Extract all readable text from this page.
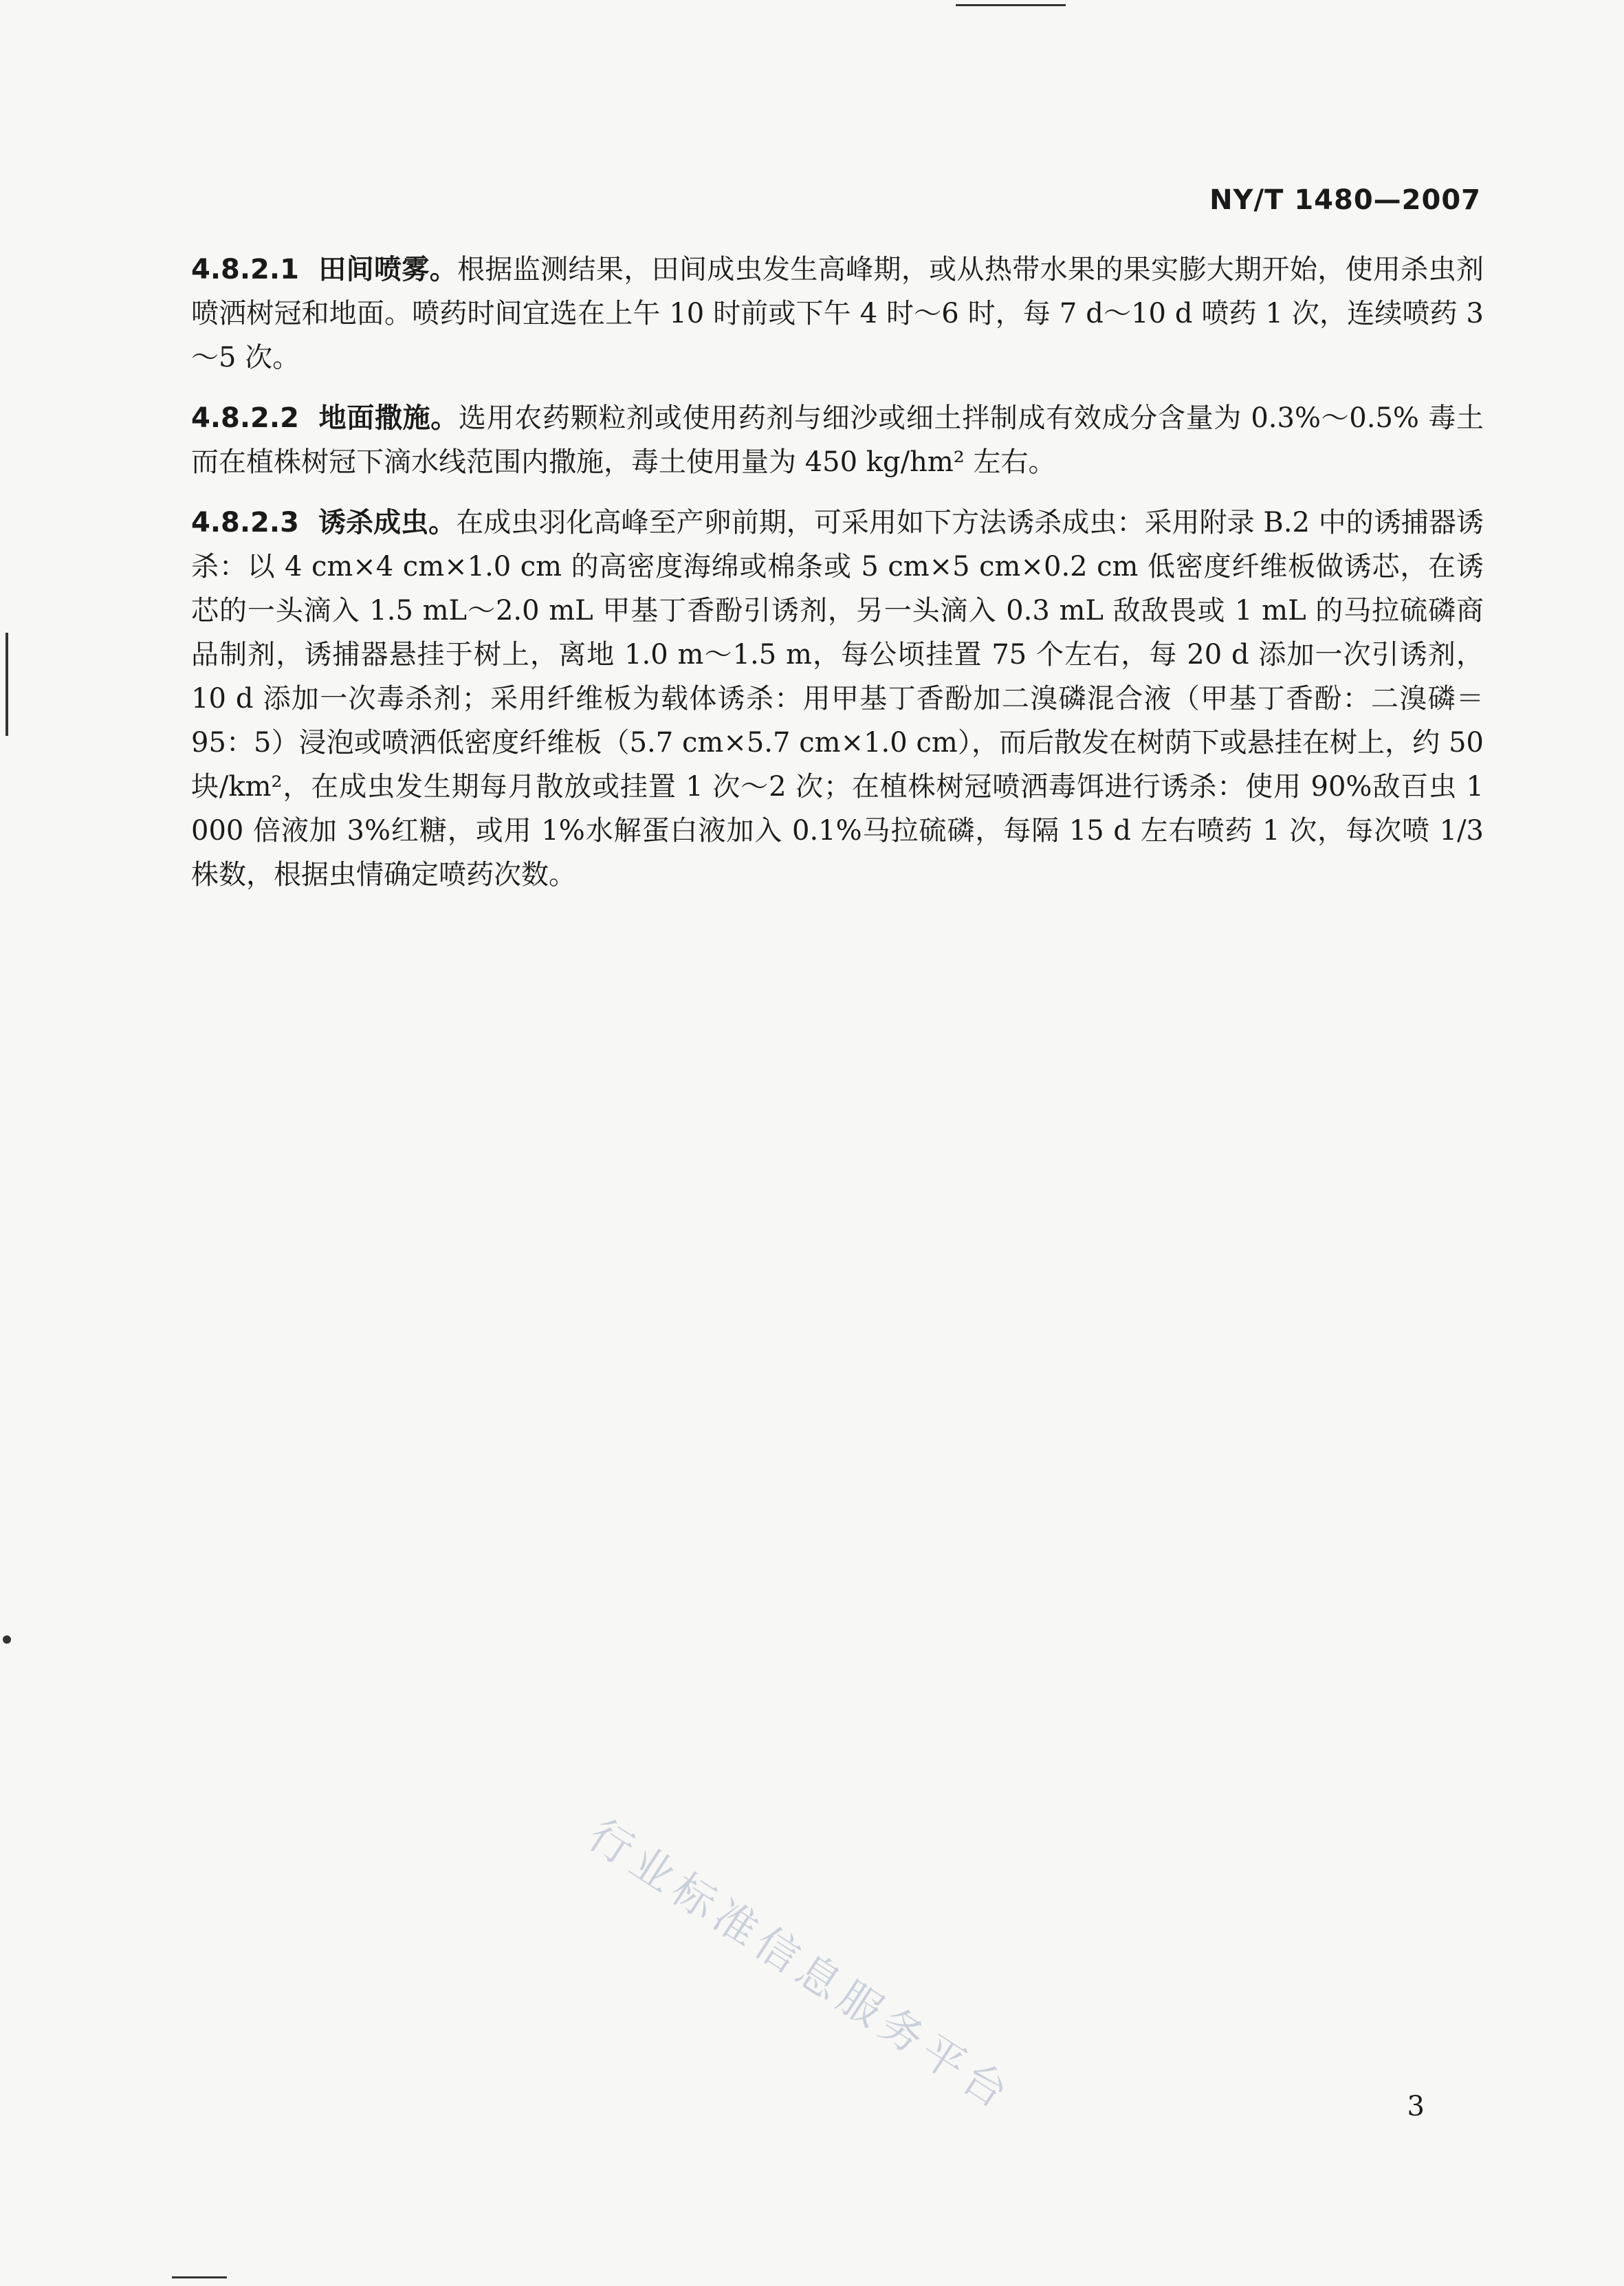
NY/T 1480—2007

4.8.2.1 田间喷雾。根据监测结果，田间成虫发生高峰期，或从热带水果的果实膨大期开始，使用杀虫剂喷洒树冠和地面。喷药时间宜选在上午 10 时前或下午 4 时～6 时，每 7 d～10 d 喷药 1 次，连续喷药 3～5 次。

4.8.2.2 地面撒施。选用农药颗粒剂或使用药剂与细沙或细土拌制成有效成分含量为 0.3%～0.5% 毒土而在植株树冠下滴水线范围内撒施，毒土使用量为 450 kg/hm² 左右。

4.8.2.3 诱杀成虫。在成虫羽化高峰至产卵前期，可采用如下方法诱杀成虫：采用附录 B.2 中的诱捕器诱杀：以 4 cm×4 cm×1.0 cm 的高密度海绵或棉条或 5 cm×5 cm×0.2 cm 低密度纤维板做诱芯，在诱芯的一头滴入 1.5 mL～2.0 mL 甲基丁香酚引诱剂，另一头滴入 0.3 mL 敌敌畏或 1 mL 的马拉硫磷商品制剂，诱捕器悬挂于树上，离地 1.0 m～1.5 m，每公顷挂置 75 个左右，每 20 d 添加一次引诱剂，10 d 添加一次毒杀剂；采用纤维板为载体诱杀：用甲基丁香酚加二溴磷混合液（甲基丁香酚：二溴磷＝95：5）浸泡或喷洒低密度纤维板（5.7 cm×5.7 cm×1.0 cm），而后散发在树荫下或悬挂在树上，约 50 块/km²，在成虫发生期每月散放或挂置 1 次～2 次；在植株树冠喷洒毒饵进行诱杀：使用 90%敌百虫 1 000 倍液加 3%红糖，或用 1%水解蛋白液加入 0.1%马拉硫磷，每隔 15 d 左右喷药 1 次，每次喷 1/3 株数，根据虫情确定喷药次数。

行业标准信息服务平台	3
